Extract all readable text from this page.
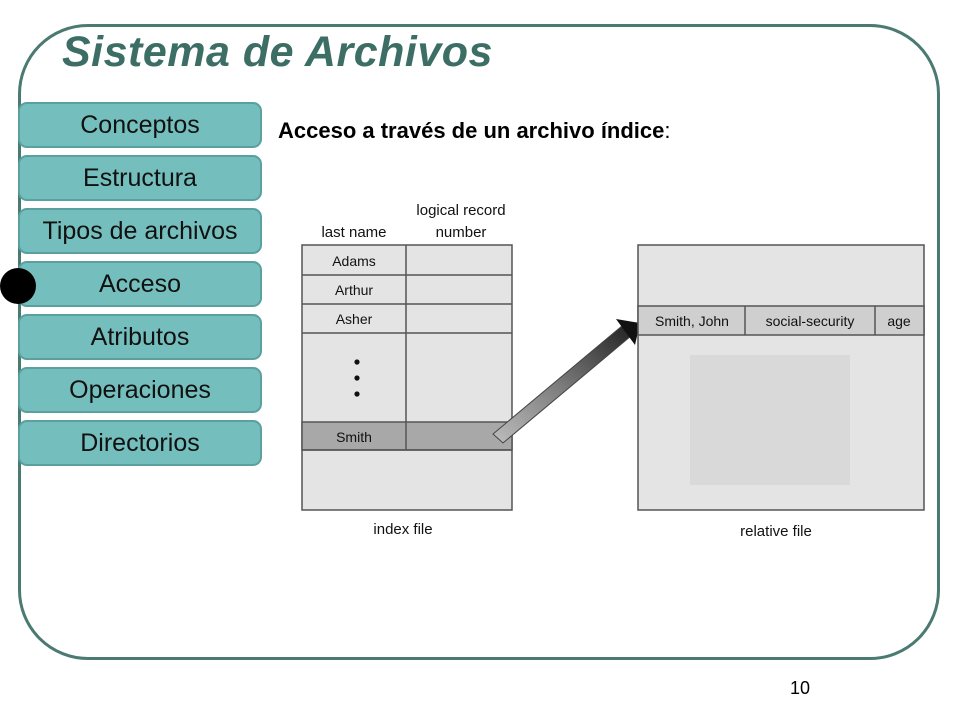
Sistema de Archivos
Conceptos
Estructura
Tipos de archivos
Acceso
Atributos
Operaciones
Directorios
Acceso a través de un archivo índice:
last name
logical record
number
Adams
Arthur
Asher
Smith
index file
Smith, John	social-security age
relative file
10
